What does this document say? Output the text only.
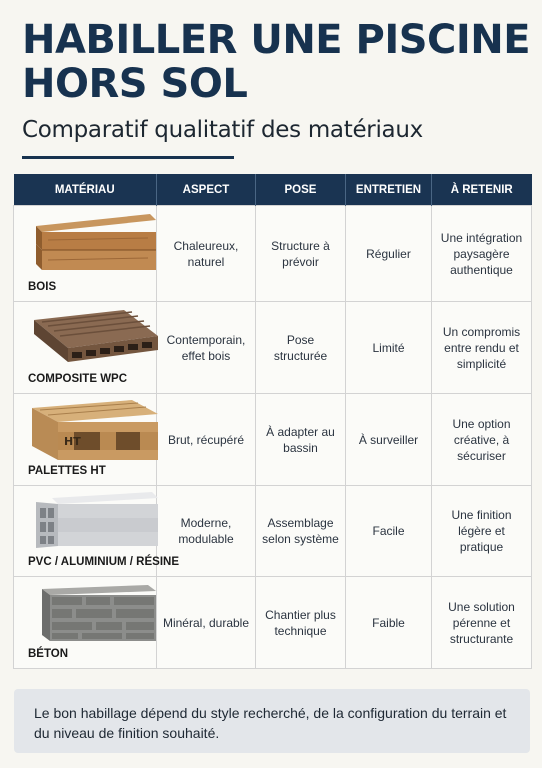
HABILLER UNE PISCINE HORS SOL
Comparatif qualitatif des matériaux
MATÉRIAU	ASPECT	POSE	ENTRETIEN	À RETENIR

BOIS	Chaleureux, naturel	Structure à prévoir	Régulier	Une intégration paysagère authentique

COMPOSITE WPC	Contemporain, effet bois	Pose structurée	Limité	Un compromis entre rendu et simplicité

HT
PALETTES HT	Brut, récupéré	À adapter au bassin	À surveiller	Une option créative, à sécuriser

PVC / ALUMINIUM / RÉSINE	Moderne, modulable	Assemblage selon système	Facile	Une finition légère et pratique

BÉTON	Minéral, durable	Chantier plus technique	Faible	Une solution pérenne et structurante

Le bon habillage dépend du style recherché, de la configuration du terrain et du niveau de finition souhaité.
